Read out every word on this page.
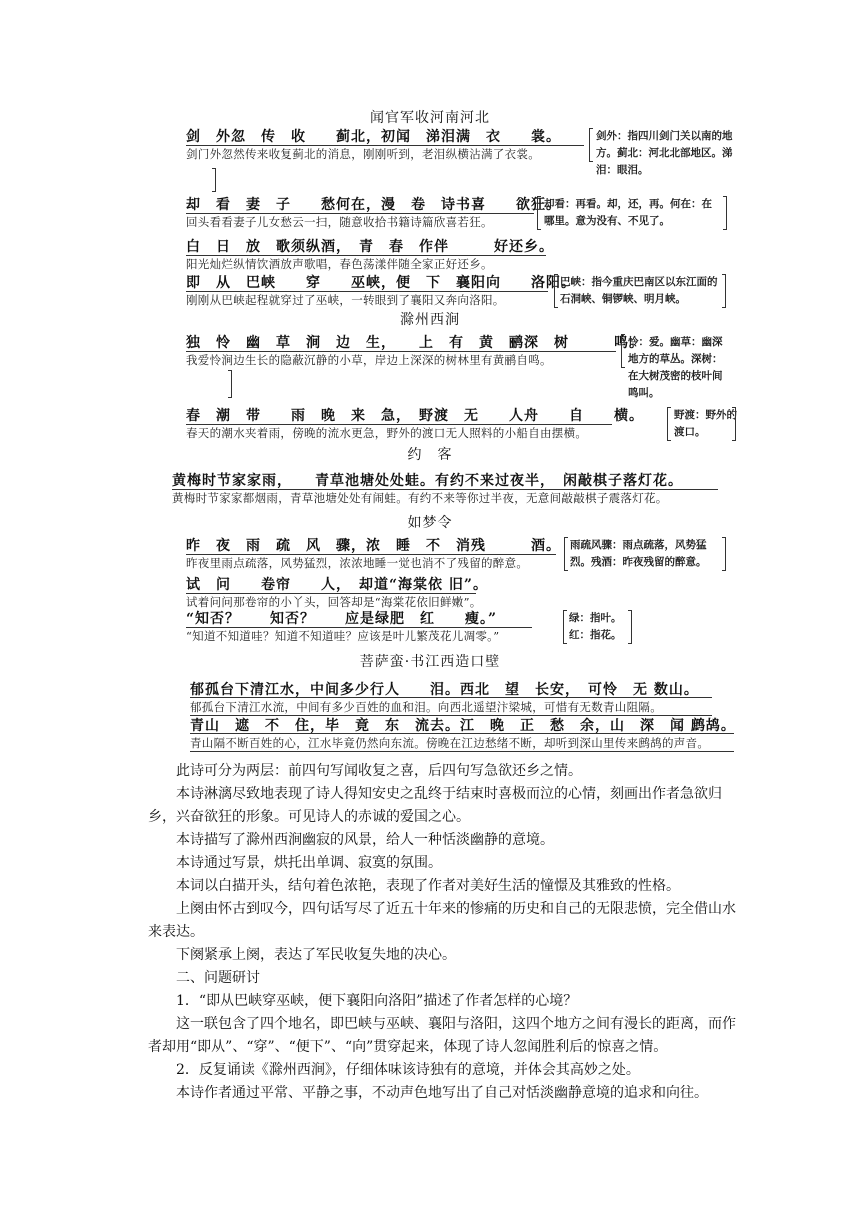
闻官军收河南河北
剑　外忽　传　收　　蓟北，初闻　涕泪满　衣　　裳。
剑门外忽然传来收复蓟北的消息，刚刚听到，老泪纵横沾满了衣裳。
剑外：指四川剑门关以南的地方。蓟北：河北北部地区。涕泪：眼泪。
却　看　妻　子　　愁何在，漫　卷　诗书喜　　欲狂。
回头看看妻子儿女愁云一扫，随意收拾书籍诗篇欣喜若狂。
却看：再看。却，还，再。何在：在哪里。意为没有、不见了。
白　日　放　歌须纵酒，　青　春　作伴　　　好还乡。
阳光灿烂纵情饮酒放声歌唱，春色荡漾伴随全家正好还乡。
即　从　巴峡　　穿　　巫峡，便　下　襄阳向　　洛阳。
刚刚从巴峡起程就穿过了巫峡，一转眼到了襄阳又奔向洛阳。
巴峡：指今重庆巴南区以东江面的石洞峡、铜锣峡、明月峡。
滁州西涧
独　怜　幽　草　涧　边　生，　　上　有　黄　鹂深　树　　　鸣。
我爱怜涧边生长的隐蔽沉静的小草，岸边上深深的树林里有黄鹂自鸣。
怜：爱。幽草：幽深地方的草丛。深树：在大树茂密的枝叶间鸣叫。
春　潮　带　　雨　晚　来　急，　野渡　无　　人舟　　自　　横。
春天的潮水夹着雨，傍晚的流水更急，野外的渡口无人照料的小船自由摆横。
野渡：野外的渡口。
约　客
黄梅时节家家雨，　　青草池塘处处蛙。有约不来过夜半，　闲敲棋子落灯花。
黄梅时节家家都烟雨，青草池塘处处有闹蛙。有约不来等你过半夜，无意间敲敲棋子震落灯花。
如梦令
昨　夜　雨　疏　风　骤，浓　睡　不　消残　　　酒。
昨夜里雨点疏落，风势猛烈，浓浓地睡一觉也消不了残留的醉意。
雨疏风骤：雨点疏落，风势猛烈。残酒：昨夜残留的醉意。
试　问　　卷帘　　人，　却道“海棠依 旧”。
试着问问那卷帘的小丫头，回答却是“海棠花依旧鲜嫩”。
“知否？　　知否？　　应是绿肥　红　　瘦。”
“知道不知道哇？知道不知道哇？应该是叶儿繁茂花儿凋零。”
绿：指叶。红：指花。
菩萨蛮·书江西造口壁
郁孤台下清江水，中间多少行人　　泪。西北　望　长安，　可怜　无 数山。
郁孤台下清江水流，中间有多少百姓的血和泪。向西北遥望汴梁城，可惜有无数青山阻隔。
青山　遮　不　住，毕　竟　东　流去。江　晚　正　愁　余，山　深　闻 鹧鸪。
青山隔不断百姓的心，江水毕竟仍然向东流。傍晚在江边愁绪不断，却听到深山里传来鹧鸪的声音。
此诗可分为两层：前四句写闻收复之喜，后四句写急欲还乡之情。
本诗淋漓尽致地表现了诗人得知安史之乱终于结束时喜极而泣的心情，刻画出作者急欲归乡，兴奋欲狂的形象。可见诗人的赤诚的爱国之心。
本诗描写了滁州西涧幽寂的风景，给人一种恬淡幽静的意境。
本诗通过写景，烘托出单调、寂寞的氛围。
本词以白描开头，结句着色浓艳，表现了作者对美好生活的憧憬及其雅致的性格。
上阕由怀古到叹今，四句话写尽了近五十年来的惨痛的历史和自己的无限悲愤，完全借山水来表达。
下阕紧承上阕，表达了军民收复失地的决心。
二、问题研讨
1．“即从巴峡穿巫峡，便下襄阳向洛阳”描述了作者怎样的心境？
这一联包含了四个地名，即巴峡与巫峡、襄阳与洛阳，这四个地方之间有漫长的距离，而作者却用“即从”、“穿”、“便下”、“向”贯穿起来，体现了诗人忽闻胜利后的惊喜之情。
2．反复诵读《滁州西涧》，仔细体味该诗独有的意境，并体会其高妙之处。
本诗作者通过平常、平静之事，不动声色地写出了自己对恬淡幽静意境的追求和向往。
